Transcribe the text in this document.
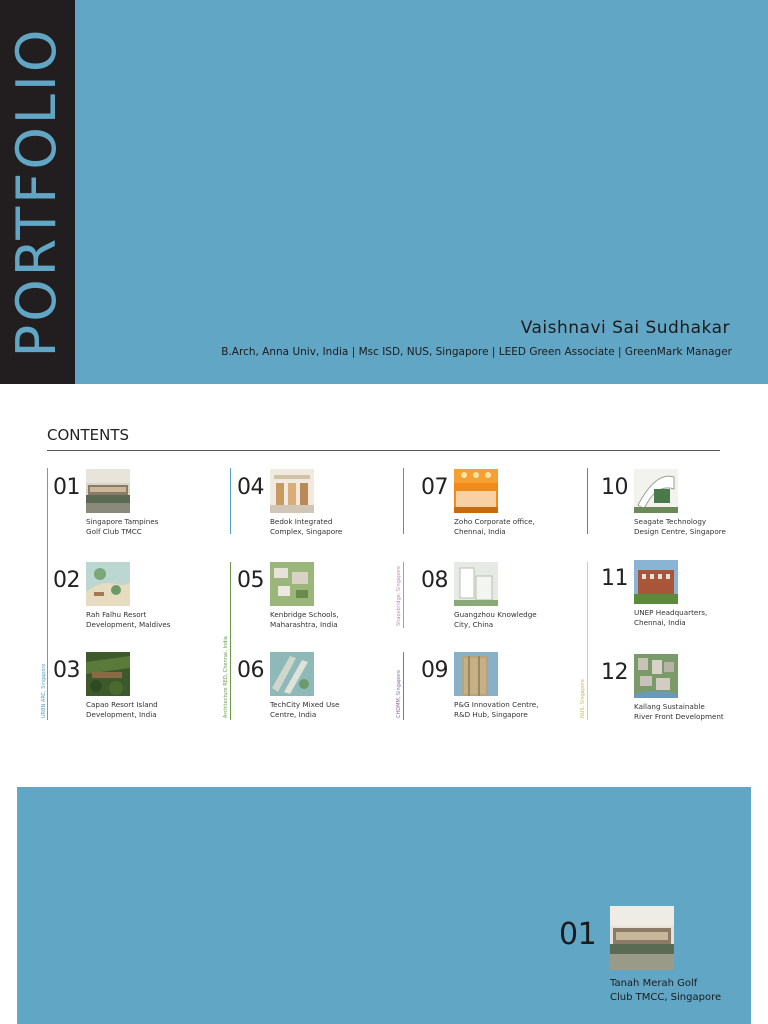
PORTFOLIO	Vaishnavi Sai Sudhakar
B.Arch, Anna Univ, India | Msc ISD, NUS, Singapore | LEED Green Associate | GreenMark Manager
CONTENTS
URBN ARC, Singapore	Architecture RED, Chennai, India
Shapebridge, Singapore
CHDMM, Singapore	NUS, Singapore
01
Singapore Tampines
Golf Club TMCC
02
Rah Falhu Resort
Development, Maldives
03
Capao Resort Island
Development, India
04
Bedok Integrated
Complex, Singapore
05
Kenbridge Schools,
Maharashtra, India
06
TechCity Mixed Use
Centre, India
07
Zoho Corporate office,
Chennai, India
08
Guangzhou Knowledge
City, China
09
P&G Innovation Centre,
R&D Hub, Singapore
10
Seagate Technology
Design Centre, Singapore
11
UNEP Headquarters,
Chennai, India
12
Kallang Sustainable
River Front Development
01
Tanah Merah Golf
Club TMCC, Singapore
